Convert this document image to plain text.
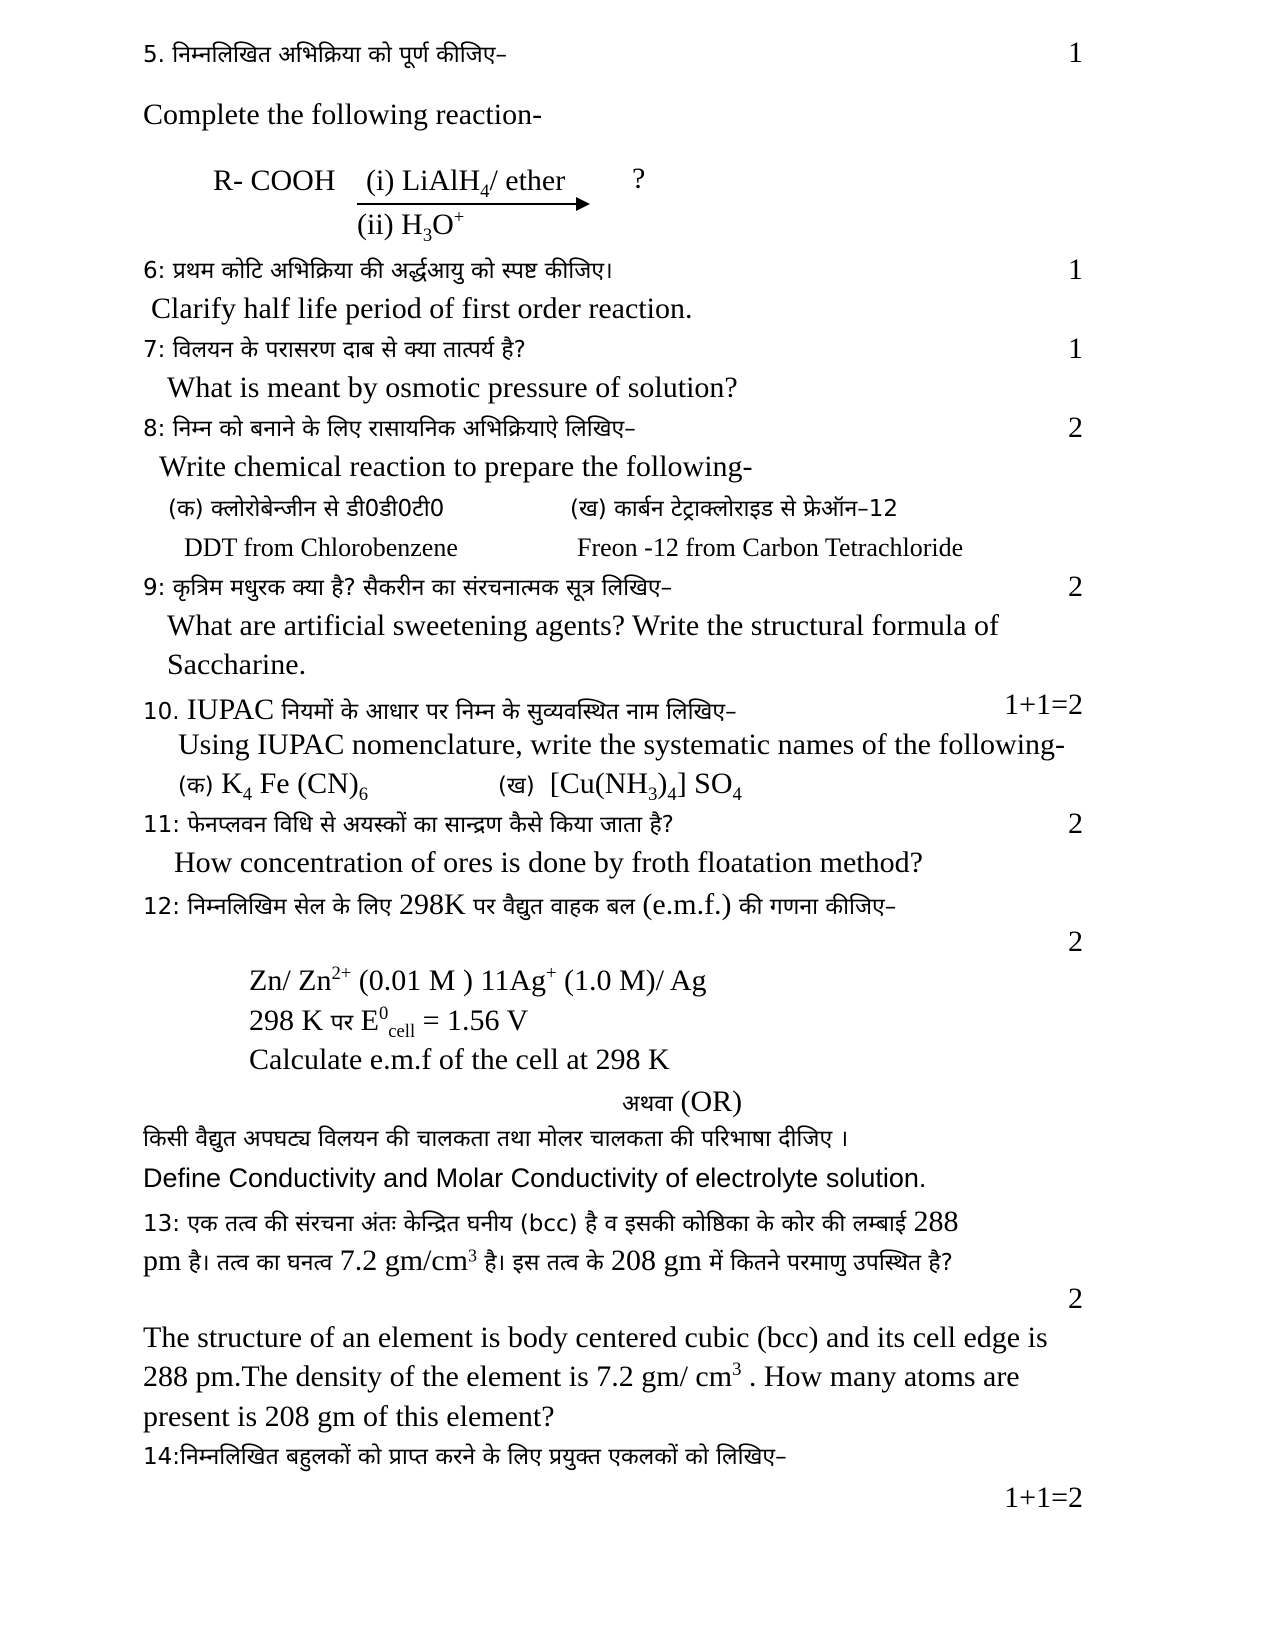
5. निम्नलिखित अभिक्रिया को पूर्ण कीजिए–	1
Complete the following reaction-
R- COOH (i) LiAlH$_4$/ ether
(ii) $H_3O^+$
?
6: प्रथम कोटि अभिक्रिया की अर्द्धआयु को स्पष्ट कीजिए।	1
Clarify half life period of first order reaction.
7: विलयन के परासरण दाब से क्या तात्पर्य है?	1
What is meant by osmotic pressure of solution?
8: निम्न को बनाने के लिए रासायनिक अभिक्रियाऐ लिखिए–	2
Write chemical reaction to prepare the following-
(क) क्लोरोबेन्जीन से डी0डी0टी0	(ख) कार्बन टेट्राक्लोराइड से फ्रेऑन–12
DDT from Chlorobenzene	Freon -12 from Carbon Tetrachloride
9: कृत्रिम मधुरक क्या है? सैकरीन का संरचनात्मक सूत्र लिखिए–	2
What are artificial sweetening agents? Write the structural formula of
Saccharine.
10. IUPAC नियमों के आधार पर निम्न के सुव्यवस्थित नाम लिखिए–	1+1=2
Using IUPAC nomenclature, write the systematic names of the following-
(क) $K_4$ Fe $(CN)_6$	(ख) $[Cu(NH_3)_4]$ $SO_4$
11: फेनप्लवन विधि से अयस्कों का सान्द्रण कैसे किया जाता है?	2
How concentration of ores is done by froth floatation method?
12: निम्नलिखिम सेल के लिए 298K पर वैद्युत वाहक बल (e.m.f.) की गणना कीजिए–
2
Zn/ $Zn^{2+}$ (0.01 M ) 11Ag+ (1.0 M)/ Ag
298 K पर $E^0_{cell} = 1.56$ V
Calculate e.m.f of the cell at 298 K
अथवा (OR)
किसी वैद्युत अपघट्य विलयन की चालकता तथा मोलर चालकता की परिभाषा दीजिए ।
Define Conductivity and Molar Conductivity of electrolyte solution.
13: एक तत्व की संरचना अंतः केन्द्रित घनीय (bcc) है व इसकी कोष्ठिका के कोर की लम्बाई 288
pm है। तत्व का घनत्व 7.2 $gm/cm^3$ है। इस तत्व के 208 gm में कितने परमाणु उपस्थित है?
2
The structure of an element is body centered cubic (bcc) and its cell edge is
288 pm.The density of the element is 7.2 gm/ $cm^3$ . How many atoms are
present is 208 gm of this element?
14:निम्नलिखित बहुलकों को प्राप्त करने के लिए प्रयुक्त एकलकों को लिखिए–
1+1=2
